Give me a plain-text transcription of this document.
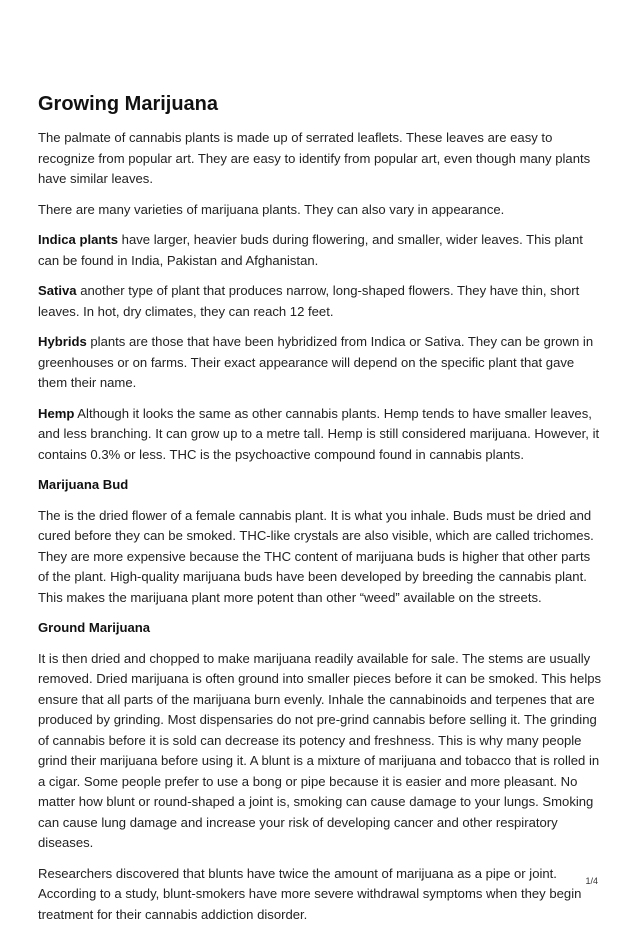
Growing Marijuana

The palmate of cannabis plants is made up of serrated leaflets. These leaves are easy to recognize from popular art. They are easy to identify from popular art, even though many plants have similar leaves.

There are many varieties of marijuana plants. They can also vary in appearance.

Indica plants have larger, heavier buds during flowering, and smaller, wider leaves. This plant can be found in India, Pakistan and Afghanistan.

Sativa another type of plant that produces narrow, long-shaped flowers. They have thin, short leaves. In hot, dry climates, they can reach 12 feet.

Hybrids plants are those that have been hybridized from Indica or Sativa. They can be grown in greenhouses or on farms. Their exact appearance will depend on the specific plant that gave them their name.

Hemp Although it looks the same as other cannabis plants. Hemp tends to have smaller leaves, and less branching. It can grow up to a metre tall. Hemp is still considered marijuana. However, it contains 0.3% or less. THC is the psychoactive compound found in cannabis plants.

Marijuana Bud

The is the dried flower of a female cannabis plant. It is what you inhale. Buds must be dried and cured before they can be smoked. THC-like crystals are also visible, which are called trichomes. They are more expensive because the THC content of marijuana buds is higher that other parts of the plant. High-quality marijuana buds have been developed by breeding the cannabis plant. This makes the marijuana plant more potent than other “weed” available on the streets.

Ground Marijuana

It is then dried and chopped to make marijuana readily available for sale. The stems are usually removed. Dried marijuana is often ground into smaller pieces before it can be smoked. This helps ensure that all parts of the marijuana burn evenly. Inhale the cannabinoids and terpenes that are produced by grinding. Most dispensaries do not pre-grind cannabis before selling it. The grinding of cannabis before it is sold can decrease its potency and freshness. This is why many people grind their marijuana before using it. A blunt is a mixture of marijuana and tobacco that is rolled in a cigar. Some people prefer to use a bong or pipe because it is easier and more pleasant. No matter how blunt or round-shaped a joint is, smoking can cause damage to your lungs. Smoking can cause lung damage and increase your risk of developing cancer and other respiratory diseases.

Researchers discovered that blunts have twice the amount of marijuana as a pipe or joint. According to a study, blunt-smokers have more severe withdrawal symptoms when they begin treatment for their cannabis addiction disorder.

1/4
